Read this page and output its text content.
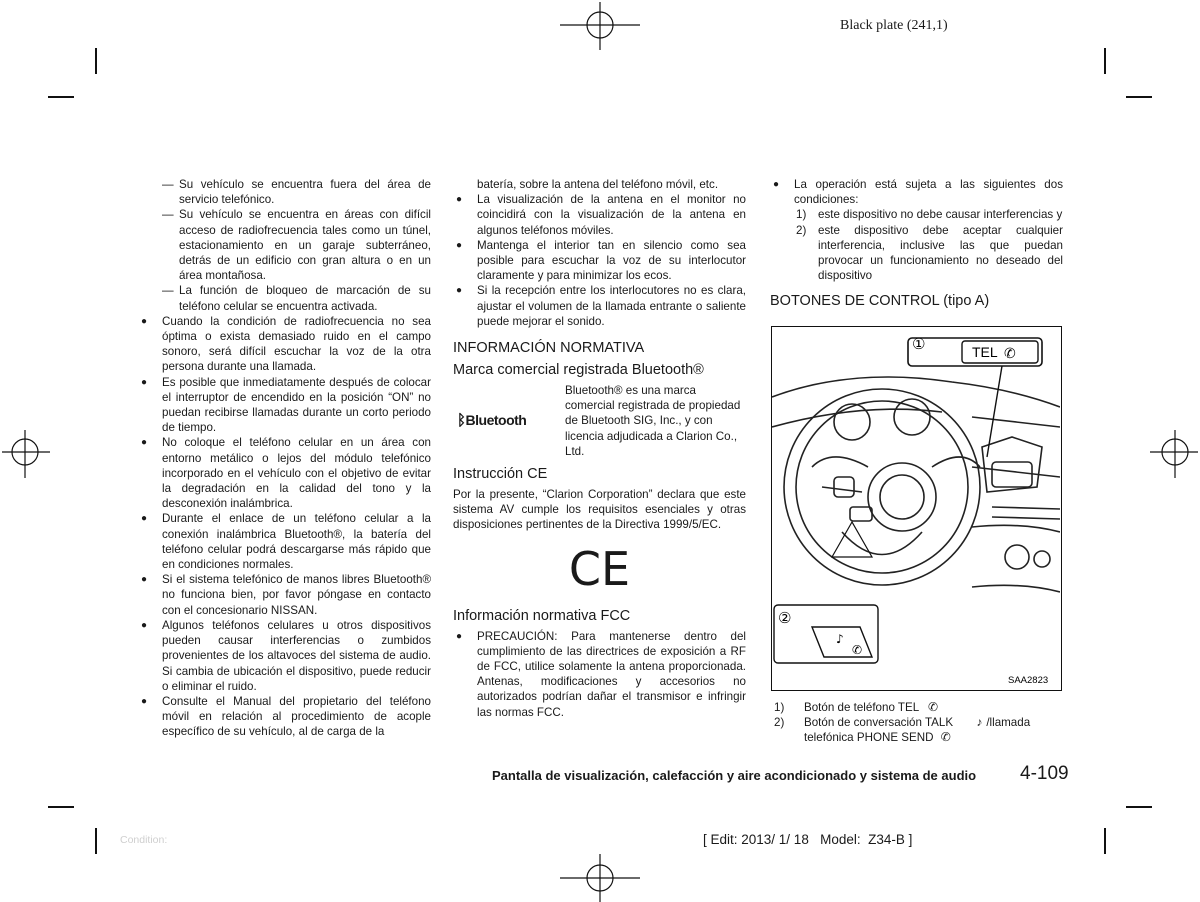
Black plate (241,1)

— Su vehículo se encuentra fuera del área de servicio telefónico.

— Su vehículo se encuentra en áreas con difícil acceso de radiofrecuencia tales como un túnel, estacionamiento en un garaje subterráneo, detrás de un edificio con gran altura o en un área montañosa.

— La función de bloqueo de marcación de su teléfono celular se encuentra activada.

● Cuando la condición de radiofrecuencia no sea óptima o exista demasiado ruido en el campo sonoro, será difícil escuchar la voz de la otra persona durante una llamada.

● Es posible que inmediatamente después de colocar el interruptor de encendido en la posición “ON” no puedan recibirse llamadas durante un corto periodo de tiempo.

● No coloque el teléfono celular en un área con entorno metálico o lejos del módulo telefónico incorporado en el vehículo con el objetivo de evitar la degradación en la calidad del tono y la desconexión inalámbrica.

● Durante el enlace de un teléfono celular a la conexión inalámbrica Bluetooth®, la batería del teléfono celular podrá descargarse más rápido que en condiciones normales.

● Si el sistema telefónico de manos libres Bluetooth® no funciona bien, por favor póngase en contacto con el concesionario NISSAN.

● Algunos teléfonos celulares u otros dispositivos pueden causar interferencias o zumbidos provenientes de los altavoces del sistema de audio. Si cambia de ubicación el dispositivo, puede reducir o eliminar el ruido.

● Consulte el Manual del propietario del teléfono móvil en relación al procedimiento de acople específico de su vehículo, al de carga de la

batería, sobre la antena del teléfono móvil, etc.

● La visualización de la antena en el monitor no coincidirá con la visualización de la antena en algunos teléfonos móviles.

● Mantenga el interior tan en silencio como sea posible para escuchar la voz de su interlocutor claramente y para minimizar los ecos.

● Si la recepción entre los interlocutores no es clara, ajustar el volumen de la llamada entrante o saliente puede mejorar el sonido.

INFORMACIÓN NORMATIVA
Marca comercial registrada Bluetooth®
ᛒBluetooth
Bluetooth® es una marca comercial registrada de propiedad de Bluetooth SIG, Inc., y con licencia adjudicada a Clarion Co., Ltd.
Instrucción CE

Por la presente, “Clarion Corporation” declara que este sistema AV cumple los requisitos esenciales y otras disposiciones pertinentes de la Directiva 1999/5/EC.

CE
Información normativa FCC

● PRECAUCIÓN: Para mantenerse dentro del cumplimiento de las directrices de exposición a RF de FCC, utilice solamente la antena proporcionada. Antenas, modificaciones y accesorios no autorizados podrían dañar el transmisor e infringir las normas FCC.

● La operación está sujeta a las siguientes dos condiciones:

1) este dispositivo no debe causar interferencias y

2) este dispositivo debe aceptar cualquier interferencia, inclusive las que puedan provocar un funcionamiento no deseado del dispositivo

BOTONES DE CONTROL (tipo A)
①	TEL ✆
②
♪
✆
SAA2823

1) Botón de teléfono TEL ✆

2) Botón de conversación TALK ♪ /llamada telefónica PHONE SEND ✆

Pantalla de visualización, calefacción y aire acondicionado y sistema de audio 4-109
Condition:	[ Edit: 2013/ 1/ 18   Model:  Z34-B ]
